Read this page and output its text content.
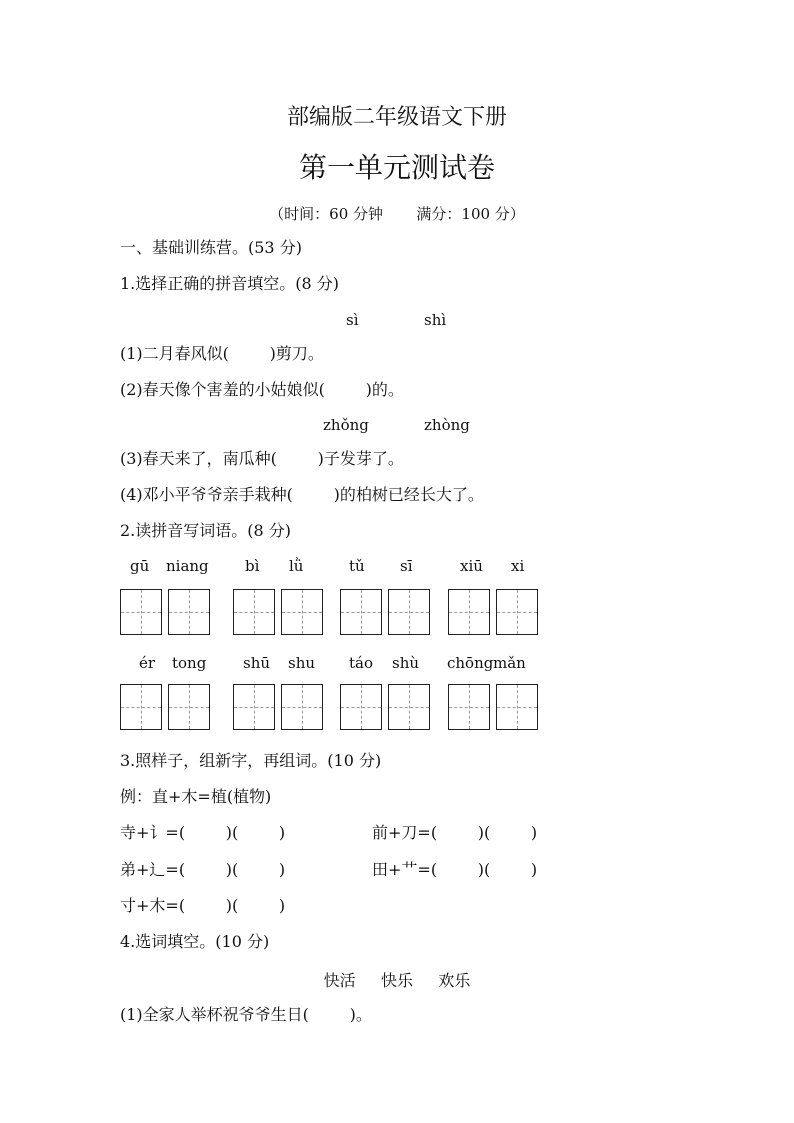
部编版二年级语文下册
第一单元测试卷
（时间：60 分钟       满分：100 分）
一、基础训练营。(53 分)
1.选择正确的拼音填空。(8 分)
sì	shì
(1)二月春风似(        )剪刀。
(2)春天像个害羞的小姑娘似(        )的。
zhǒng	zhòng
(3)春天来了，南瓜种(        )子发芽了。
(4)邓小平爷爷亲手栽种(        )的柏树已经长大了。
2.读拼音写词语。(8 分)
gū niang bì lǜ	tǔ sī	xiū xi
ér tong shū shu táo shù chōng mǎn
3.照样子，组新字，再组词。(10 分)
例：直+木=植(植物)
寺+讠=(        )(        )	前+刀=(        )(        )
弟+辶=(        )(        )	田+艹=(        )(        )
寸+木=(        )(        )
4.选词填空。(10 分)
快活     快乐     欢乐
(1)全家人举杯祝爷爷生日(        )。
